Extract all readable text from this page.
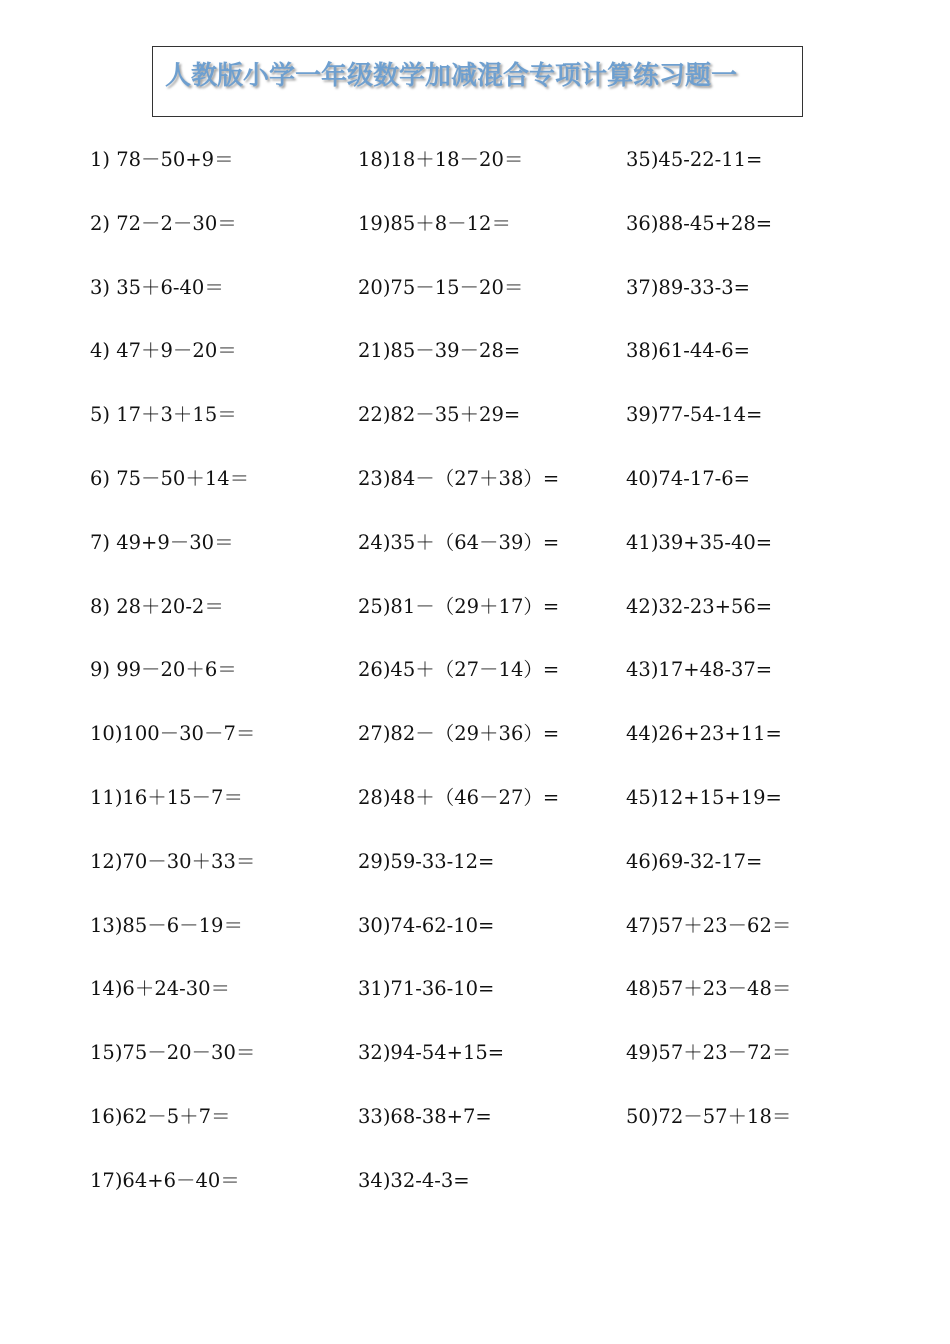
人教版小学一年级数学加减混合专项计算练习题一
1) 78－50+9＝
2) 72－2－30＝
3) 35＋6-40＝
4) 47＋9－20＝
5) 17＋3＋15＝
6) 75－50＋14＝
7) 49+9－30＝
8) 28＋20-2＝
9) 99－20＋6＝
10)100－30－7＝
11)16＋15－7＝
12)70－30＋33＝
13)85－6－19＝
14)6＋24-30＝
15)75－20－30＝
16)62－5＋7＝
17)64+6－40＝
18)18＋18－20＝
19)85＋8－12＝
20)75－15－20＝
21)85－39－28=
22)82－35＋29=
23)84－（27＋38）=
24)35＋（64－39）=
25)81－（29＋17）=
26)45＋（27－14）=
27)82－（29＋36）=
28)48＋（46－27）=
29)59-33-12=
30)74-62-10=
31)71-36-10=
32)94-54+15=
33)68-38+7=
34)32-4-3=
35)45-22-11=
36)88-45+28=
37)89-33-3=
38)61-44-6=
39)77-54-14=
40)74-17-6=
41)39+35-40=
42)32-23+56=
43)17+48-37=
44)26+23+11=
45)12+15+19=
46)69-32-17=
47)57＋23－62＝
48)57＋23－48＝
49)57＋23－72＝
50)72－57＋18＝
